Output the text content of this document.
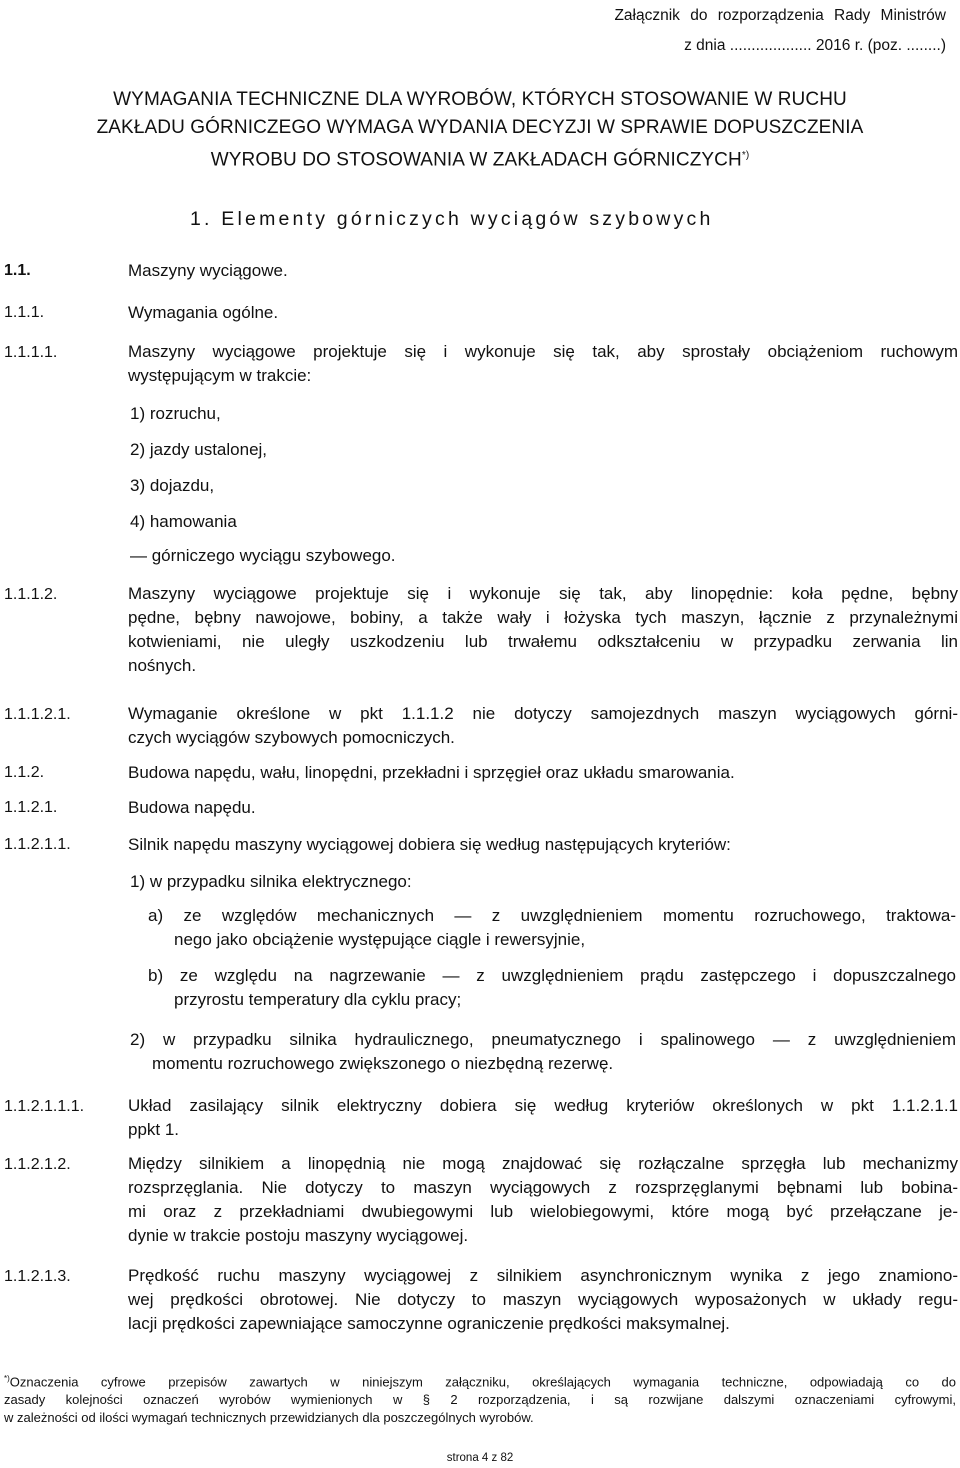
Załącznik do rozporządzenia Rady Ministrów
z dnia ................... 2016 r. (poz. ........)
WYMAGANIA TECHNICZNE DLA WYROBÓW, KTÓRYCH STOSOWANIE W RUCHU
ZAKŁADU GÓRNICZEGO WYMAGA WYDANIA DECYZJI W SPRAWIE DOPUSZCZENIA
WYROBU DO STOSOWANIA W ZAKŁADACH GÓRNICZYCH*)
1. Elementy górniczych wyciągów szybowych
1.1.	Maszyny wyciągowe.
1.1.1.	Wymagania ogólne.
1.1.1.1.	Maszyny wyciągowe projektuje się i wykonuje się tak, aby sprostały obciążeniom ruchowym
występującym w trakcie:
1) rozruchu,
2) jazdy ustalonej,
3) dojazdu,
4) hamowania
— górniczego wyciągu szybowego.
1.1.1.2.	Maszyny wyciągowe projektuje się i wykonuje się tak, aby linopędnie: koła pędne, bębny
pędne, bębny nawojowe, bobiny, a także wały i łożyska tych maszyn, łącznie z przynależnymi
kotwieniami, nie uległy uszkodzeniu lub trwałemu odkształceniu w przypadku zerwania lin
nośnych.
1.1.1.2.1.	Wymaganie określone w pkt 1.1.1.2 nie dotyczy samojezdnych maszyn wyciągowych górni-
czych wyciągów szybowych pomocniczych.
1.1.2.	Budowa napędu, wału, linopędni, przekładni i sprzęgieł oraz układu smarowania.
1.1.2.1.	Budowa napędu.
1.1.2.1.1.	Silnik napędu maszyny wyciągowej dobiera się według następujących kryteriów:
1) w przypadku silnika elektrycznego:
a) ze względów mechanicznych — z uwzględnieniem momentu rozruchowego, traktowa-
nego jako obciążenie występujące ciągle i rewersyjnie,
b) ze względu na nagrzewanie — z uwzględnieniem prądu zastępczego i dopuszczalnego
przyrostu temperatury dla cyklu pracy;
2) w przypadku silnika hydraulicznego, pneumatycznego i spalinowego — z uwzględnieniem
momentu rozruchowego zwiększonego o niezbędną rezerwę.
1.1.2.1.1.1.	Układ zasilający silnik elektryczny dobiera się według kryteriów określonych w pkt 1.1.2.1.1
ppkt 1.
1.1.2.1.2.	Między silnikiem a linopędnią nie mogą znajdować się rozłączalne sprzęgła lub mechanizmy
rozsprzęglania. Nie dotyczy to maszyn wyciągowych z rozsprzęglanymi bębnami lub bobina-
mi oraz z przekładniami dwubiegowymi lub wielobiegowymi, które mogą być przełączane je-
dynie w trakcie postoju maszyny wyciągowej.
1.1.2.1.3.	Prędkość ruchu maszyny wyciągowej z silnikiem asynchronicznym wynika z jego znamiono-
wej prędkości obrotowej. Nie dotyczy to maszyn wyciągowych wyposażonych w układy regu-
lacji prędkości zapewniające samoczynne ograniczenie prędkości maksymalnej.
*)Oznaczenia cyfrowe przepisów zawartych w niniejszym załączniku, określających wymagania techniczne, odpowiadają co do
zasady kolejności oznaczeń wyrobów wymienionych w § 2 rozporządzenia, i są rozwijane dalszymi oznaczeniami cyfrowymi,
w zależności od ilości wymagań technicznych przewidzianych dla poszczególnych wyrobów.
strona 4 z 82
